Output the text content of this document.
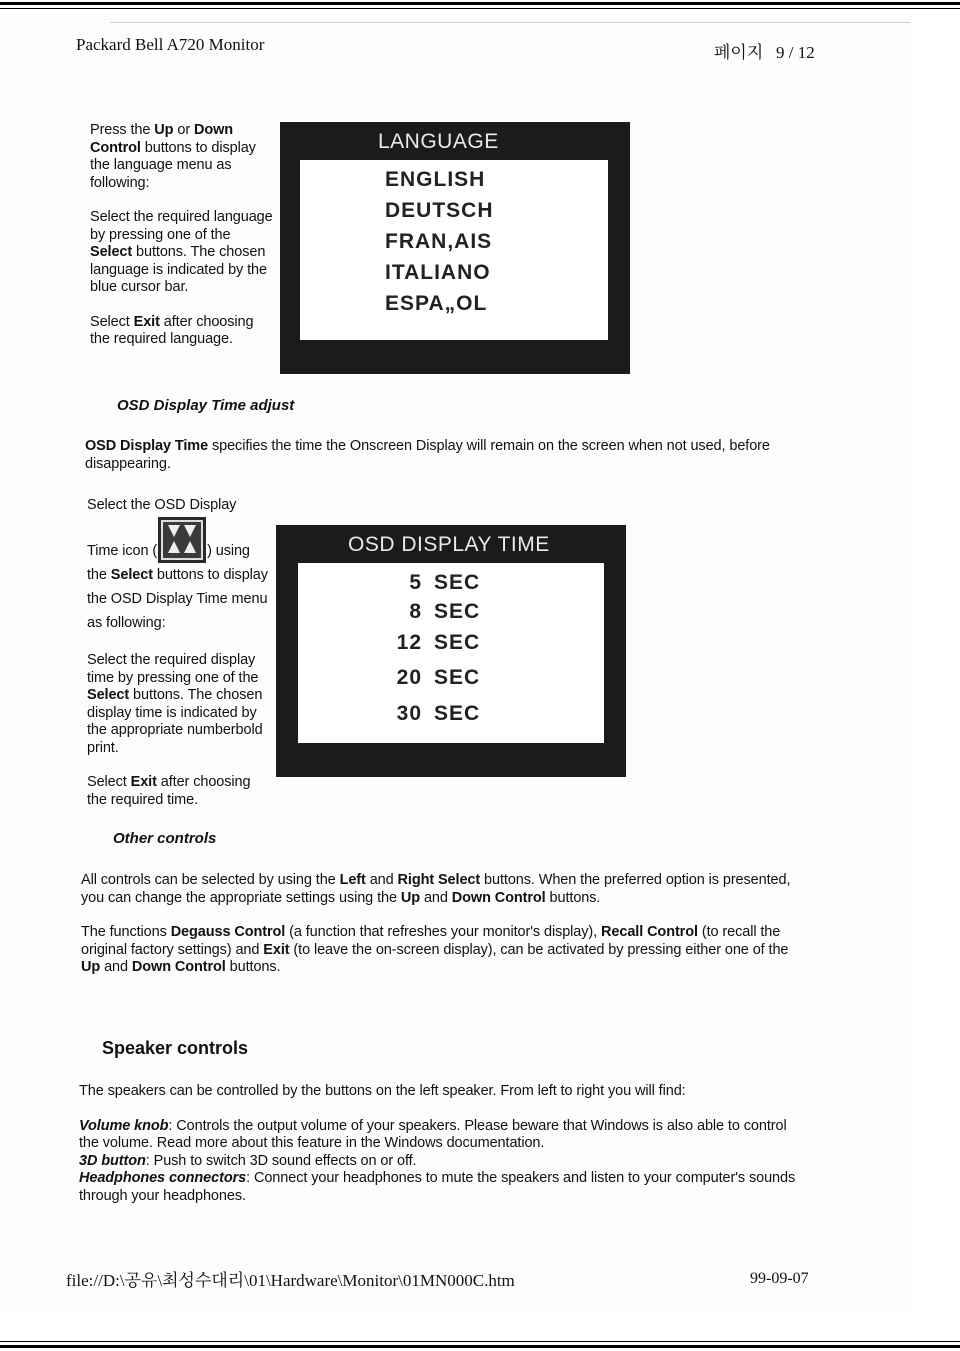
Packard Bell A720 Monitor	페이지 9 / 12

Press the Up or Down Control buttons to display the language menu as following:

Select the required language by pressing one of the Select buttons. The chosen language is indicated by the blue cursor bar.

Select Exit after choosing the required language.

LANGUAGE
ENGLISH
DEUTSCH
FRAN,AIS
ITALIANO
ESPA„OL
OSD Display Time adjust

OSD Display Time specifies the time the Onscreen Display will remain on the screen when not used, before disappearing.

Select the OSD Display
Time icon (	) using the Select buttons to display the OSD Display Time menu as following:

Select the required display time by pressing one of the Select buttons. The chosen display time is indicated by the appropriate numberbold print.

Select Exit after choosing the required time.

OSD DISPLAY TIME
5 SEC
8 SEC
12 SEC
20 SEC
30 SEC
Other controls

All controls can be selected by using the Left and Right Select buttons. When the preferred option is presented, you can change the appropriate settings using the Up and Down Control buttons.

The functions Degauss Control (a function that refreshes your monitor's display), Recall Control (to recall the original factory settings) and Exit (to leave the on-screen display), can be activated by pressing either one of the Up and Down Control buttons.

Speaker controls

The speakers can be controlled by the buttons on the left speaker. From left to right you will find:

Volume knob: Controls the output volume of your speakers. Please beware that Windows is also able to control the volume. Read more about this feature in the Windows documentation.
3D button: Push to switch 3D sound effects on or off.
Headphones connectors: Connect your headphones to mute the speakers and listen to your computer's sounds through your headphones.
file://D:\공유\최성수대리\01\Hardware\Monitor\01MN000C.htm	99-09-07
